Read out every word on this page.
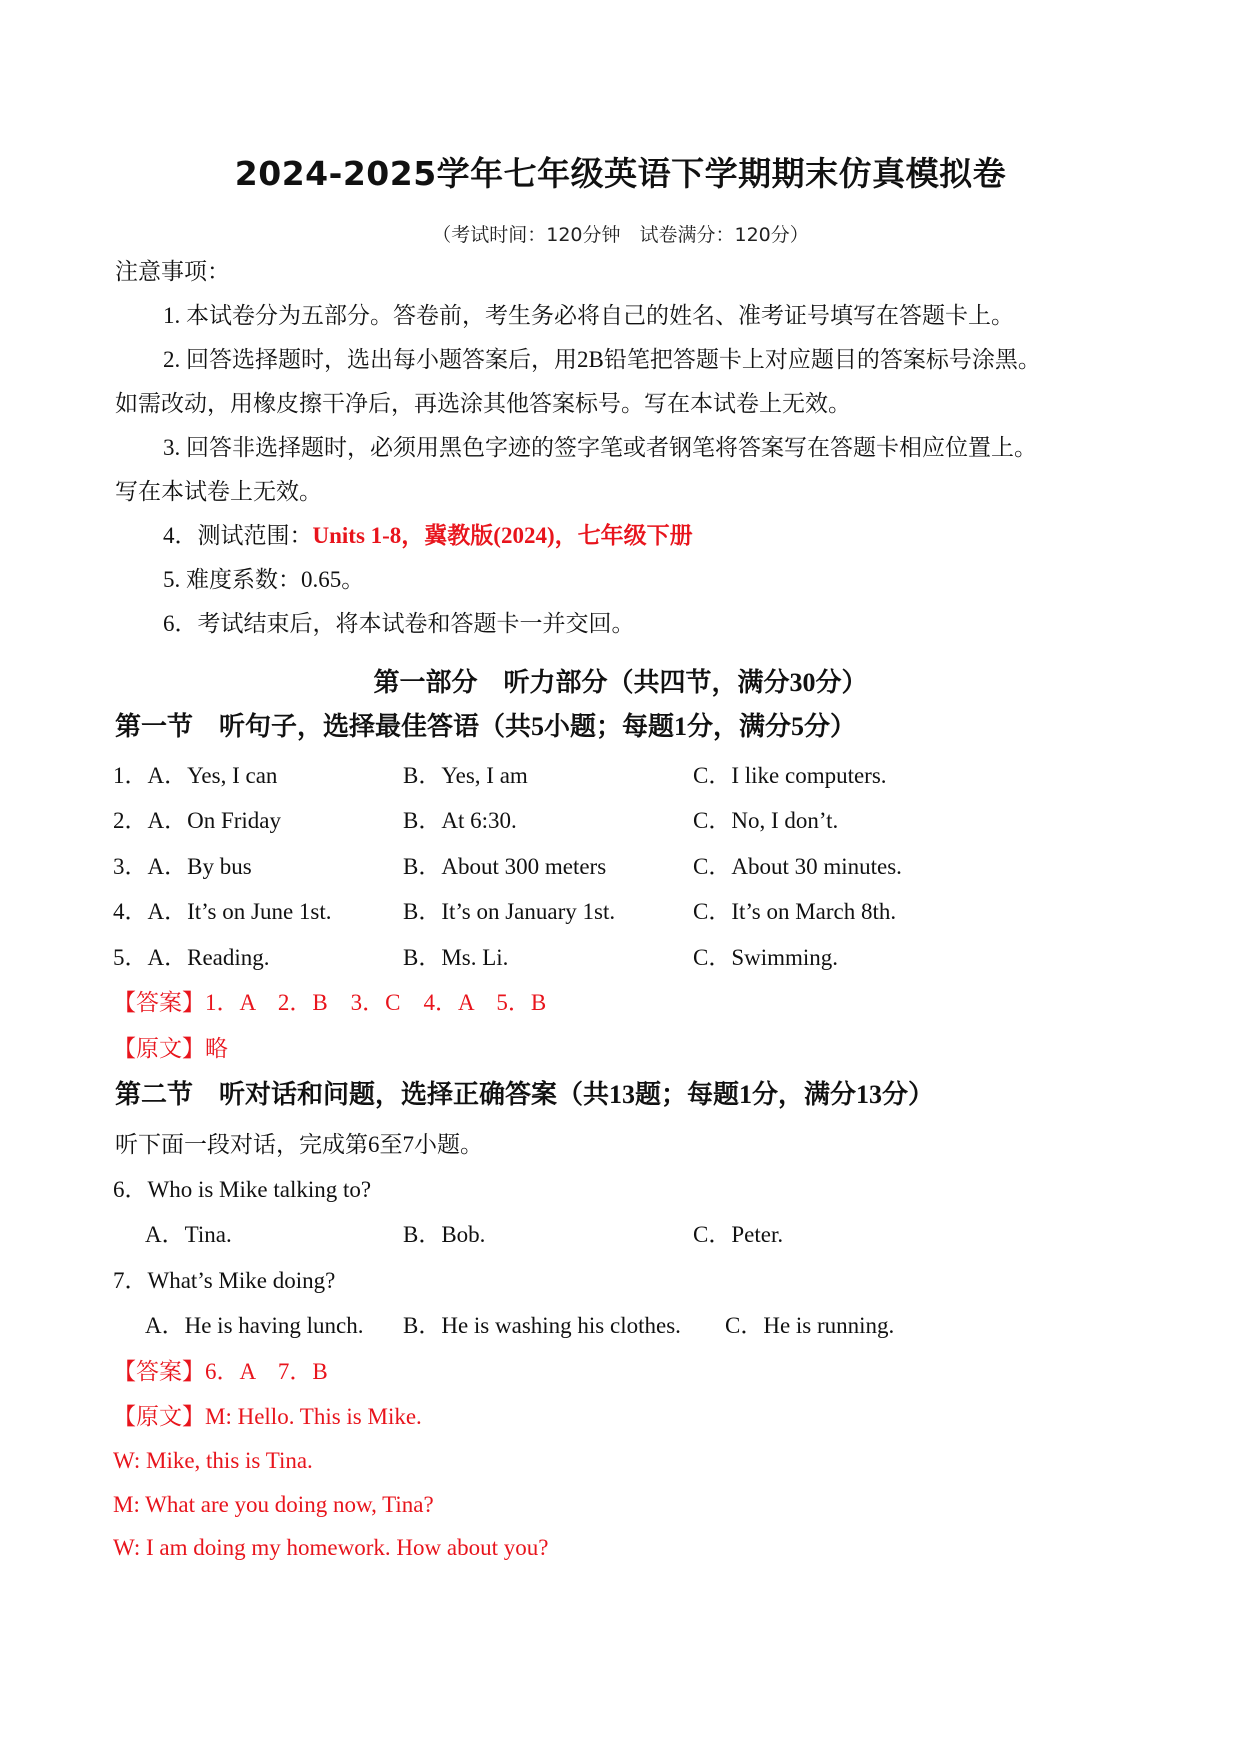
2024-2025学年七年级英语下学期期末仿真模拟卷
（考试时间：120分钟　试卷满分：120分）
注意事项：
1. 本试卷分为五部分。答卷前，考生务必将自己的姓名、准考证号填写在答题卡上。
2. 回答选择题时，选出每小题答案后，用2B铅笔把答题卡上对应题目的答案标号涂黑。
如需改动，用橡皮擦干净后，再选涂其他答案标号。写在本试卷上无效。
3. 回答非选择题时，必须用黑色字迹的签字笔或者钢笔将答案写在答题卡相应位置上。
写在本试卷上无效。
4．测试范围：Units 1-8，冀教版(2024)，七年级下册
5. 难度系数：0.65。
6．考试结束后，将本试卷和答题卡一并交回。
第一部分　听力部分（共四节，满分30分）
第一节　听句子，选择最佳答语（共5小题；每题1分，满分5分）
1．A．Yes, I can	B．Yes, I am	C．I like computers.
2．A．On Friday	B．At 6:30.	C．No, I don’t.
3．A．By bus	B．About 300 meters	C．About 30 minutes.
4．A．It’s on June 1st.	B．It’s on January 1st.	C．It’s on March 8th.
5．A．Reading.	B．Ms. Li.	C．Swimming.
【答案】1．A　2．B　3．C　4．A　5．B
【原文】略
第二节　听对话和问题，选择正确答案（共13题；每题1分，满分13分）
听下面一段对话，完成第6至7小题。
6．Who is Mike talking to?
A．Tina.	B．Bob.	C．Peter.
7．What’s Mike doing?
A．He is having lunch. B．He is washing his clothes. C．He is running.
【答案】6．A　7．B
【原文】M: Hello. This is Mike.
W: Mike, this is Tina.
M: What are you doing now, Tina?
W: I am doing my homework. How about you?
